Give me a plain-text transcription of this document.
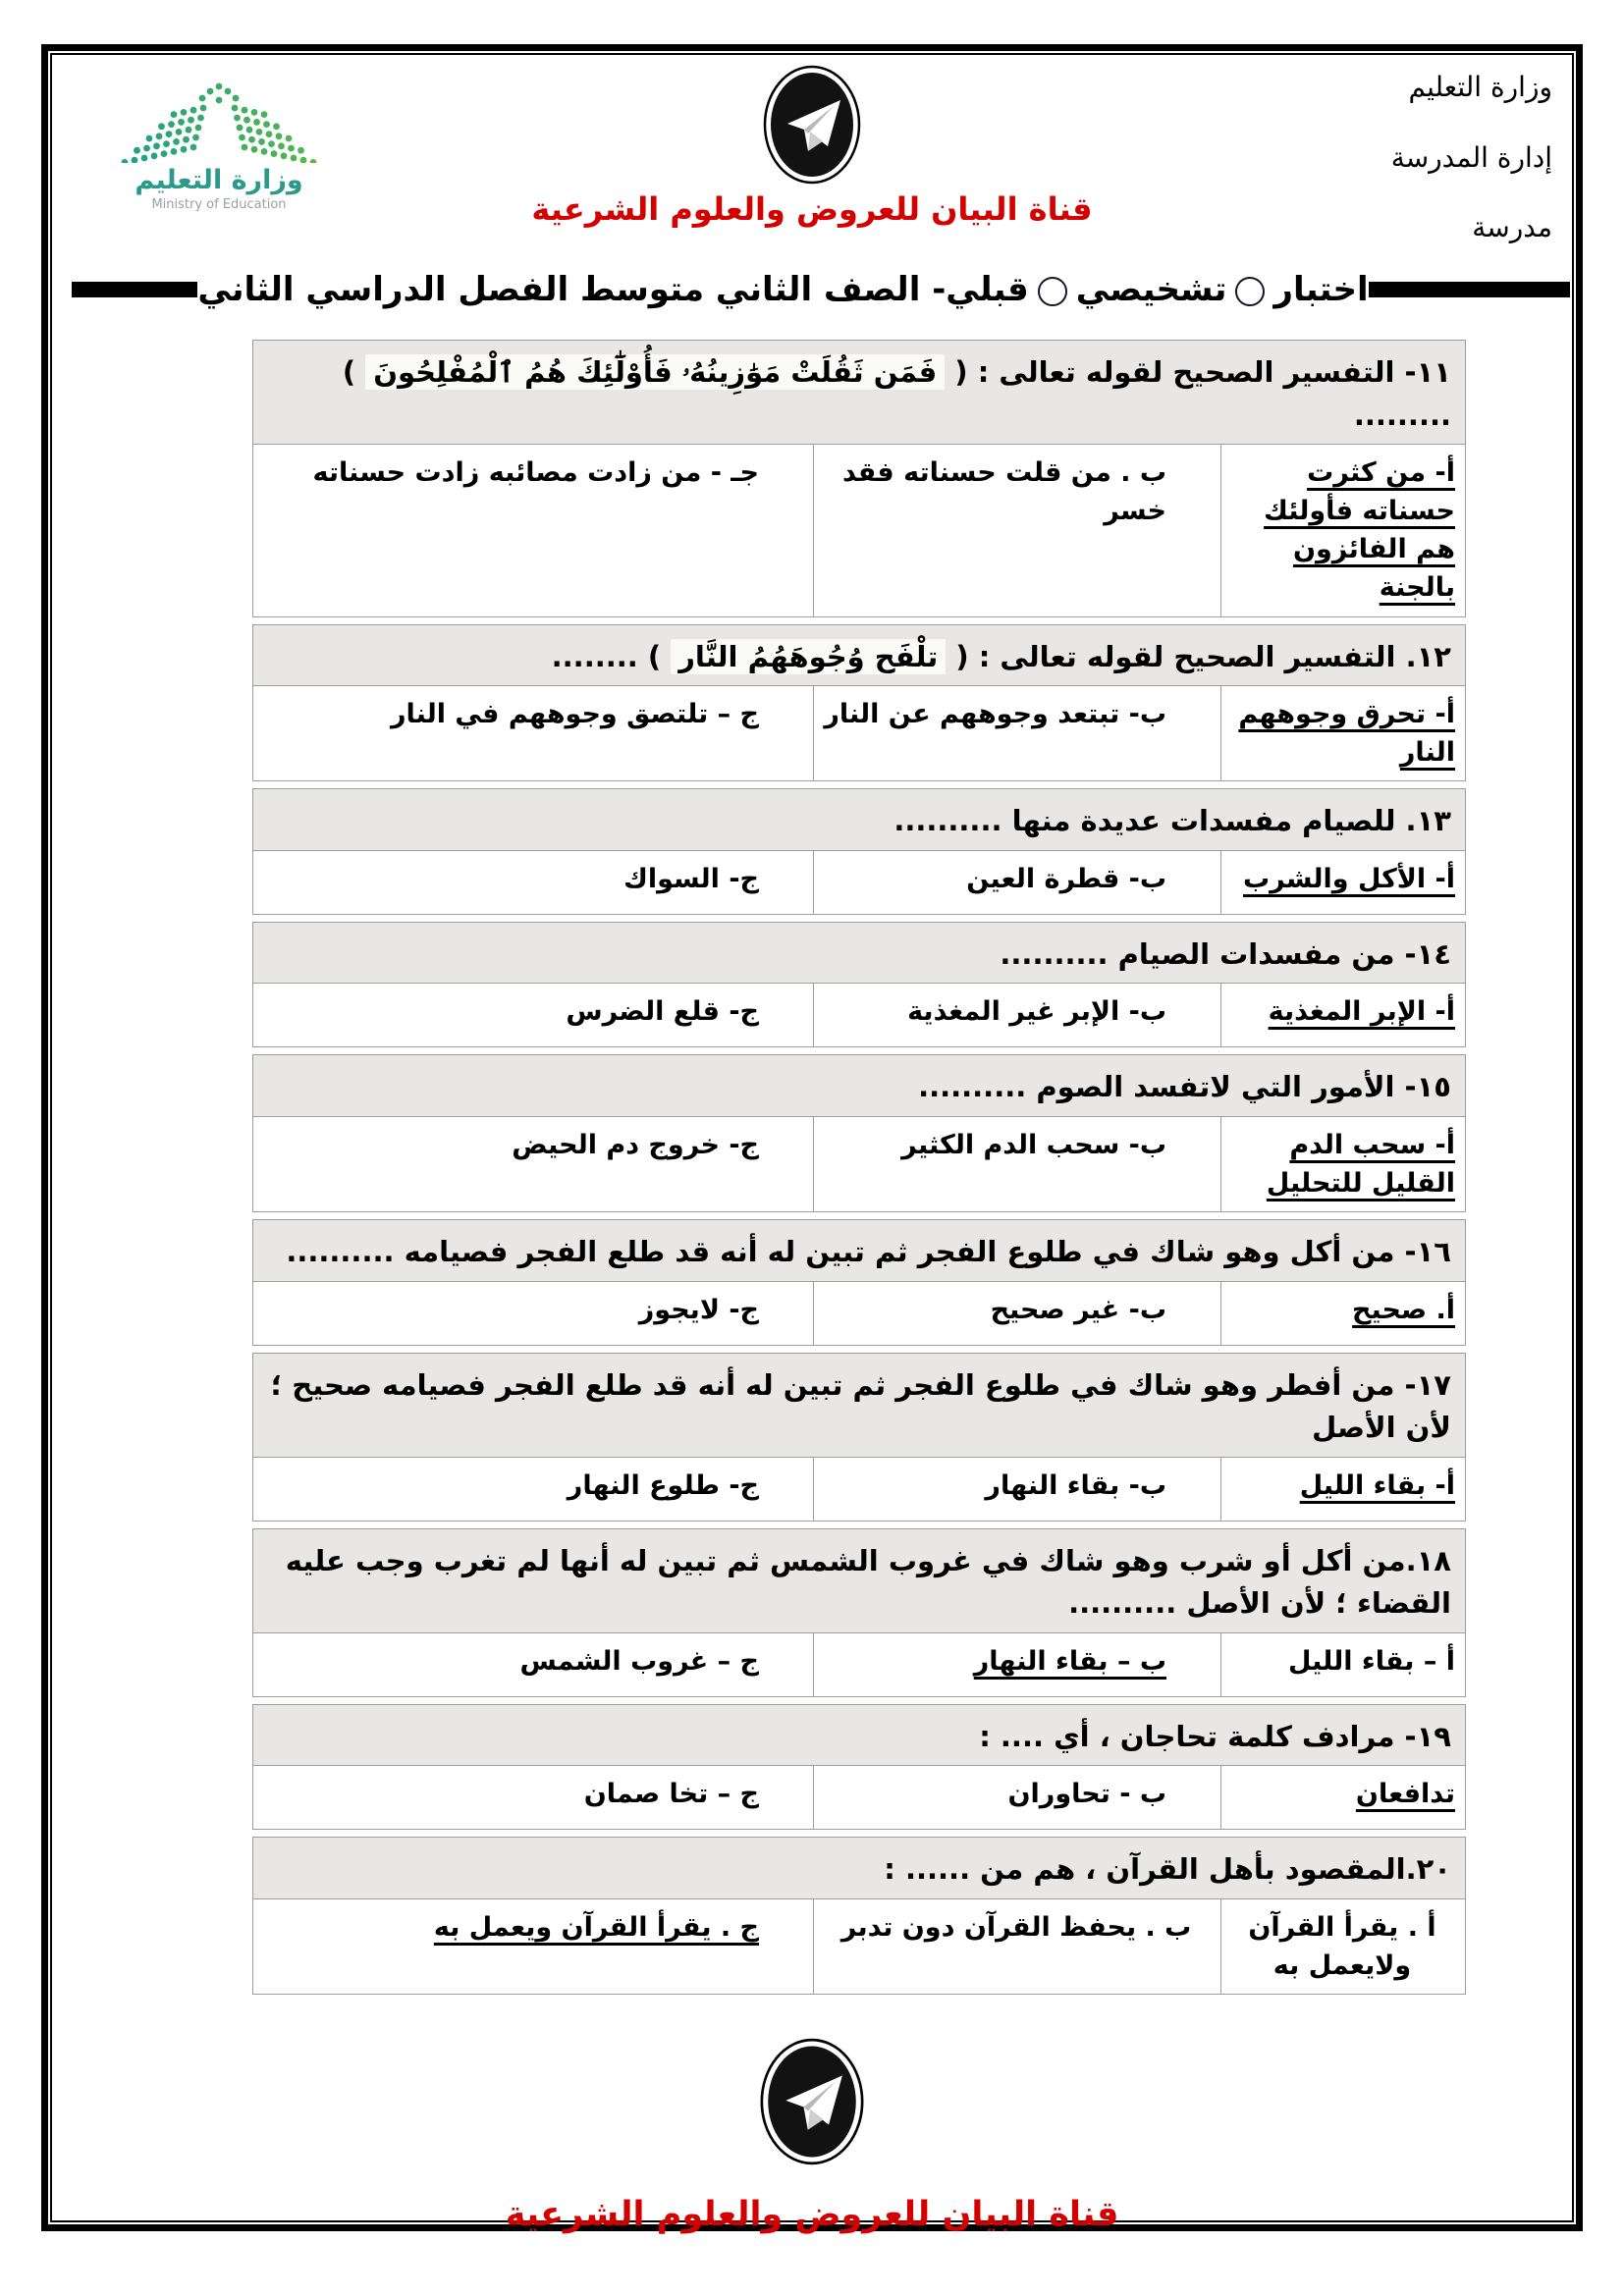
وزارة التعليم
إدارة المدرسة
مدرسة
وزارة التعليم
Ministry of Education	قناة البيان للعروض والعلوم الشرعية
اختبارتشخيصيقبلي- الصف الثاني متوسط الفصل الدراسي الثاني
١١- التفسير الصحيح لقوله تعالى : ( فَمَن ثَقُلَتْ مَوَٰزِينُهُۥ فَأُوْلَٰٓئِكَ هُمُ ٱلْمُفْلِحُونَ ) .........
أ- من كثرت حسناته فأولئك هم الفائزون بالجنة
ب . من قلت حسناته فقد خسر
جـ - من زادت مصائبه زادت حسناته
١٢. التفسير الصحيح لقوله تعالى : ( تلْفَح وُجُوهَهُمُ النَّار ) ........
أ- تحرق وجوههم النار
ب- تبتعد وجوههم عن النار
ج – تلتصق وجوههم في النار
١٣. للصيام مفسدات عديدة منها ..........
أ- الأكل والشرب
ب- قطرة العين
ج- السواك
١٤- من مفسدات الصيام ..........
أ- الإبر المغذية
ب- الإبر غير المغذية
ج- قلع الضرس
١٥- الأمور التي لاتفسد الصوم ..........
أ- سحب الدم القليل للتحليل
ب- سحب الدم الكثير
ج- خروج دم الحيض
١٦- من أكل وهو شاك في طلوع الفجر ثم تبين له أنه قد طلع الفجر فصيامه ..........
أ. صحيح
ب- غير صحيح
ج- لايجوز
١٧- من أفطر وهو شاك في طلوع الفجر ثم تبين له أنه قد طلع الفجر فصيامه صحيح ؛ لأن الأصل
أ- بقاء الليل
ب- بقاء النهار
ج- طلوع النهار
١٨.من أكل أو شرب وهو شاك في غروب الشمس ثم تبين له أنها لم تغرب وجب عليه القضاء ؛ لأن الأصل ..........
أ – بقاء الليل
ب – بقاء النهار
ج – غروب الشمس
١٩- مرادف كلمة تحاجان ، أي .... :
تدافعان
ب - تحاوران
ج – تخا صمان
٢٠.المقصود بأهل القرآن ، هم من ...... :
أ . يقرأ القرآن ولايعمل به
ب . يحفظ القرآن دون تدبر
ج . يقرأ القرآن ويعمل به
قناة البيان للعروض والعلوم الشرعية
